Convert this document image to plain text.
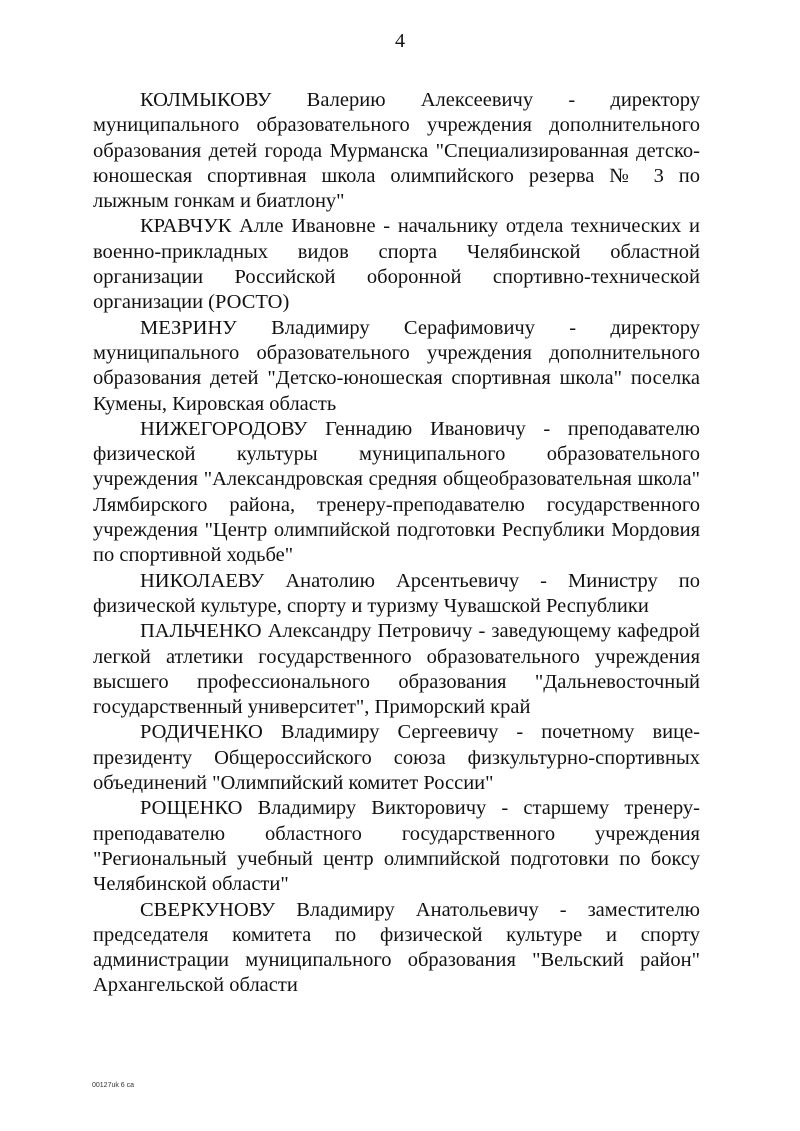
4

КОЛМЫКОВУ Валерию Алексеевичу - директору муниципального образовательного учреждения дополнительного образования детей города Мурманска "Специализированная детско-юношеская спортивная школа олимпийского резерва № 3 по лыжным гонкам и биатлону"

КРАВЧУК Алле Ивановне - начальнику отдела технических и военно-прикладных видов спорта Челябинской областной организации Российской оборонной спортивно-технической организации (РОСТО)

МЕЗРИНУ Владимиру Серафимовичу - директору муниципального образовательного учреждения дополнительного образования детей "Детско-юношеская спортивная школа" поселка Кумены, Кировская область

НИЖЕГОРОДОВУ Геннадию Ивановичу - преподавателю физической культуры муниципального образовательного учреждения "Александровская средняя общеобразовательная школа" Лямбирского района, тренеру-преподавателю государственного учреждения "Центр олимпийской подготовки Республики Мордовия по спортивной ходьбе"

НИКОЛАЕВУ Анатолию Арсентьевичу - Министру по физической культуре, спорту и туризму Чувашской Республики

ПАЛЬЧЕНКО Александру Петровичу - заведующему кафедрой легкой атлетики государственного образовательного учреждения высшего профессионального образования "Дальневосточный государственный университет", Приморский край

РОДИЧЕНКО Владимиру Сергеевичу - почетному вице-президенту Общероссийского союза физкультурно-спортивных объединений "Олимпийский комитет России"

РОЩЕНКО Владимиру Викторовичу - старшему тренеру-преподавателю областного государственного учреждения "Региональный учебный центр олимпийской подготовки по боксу Челябинской области"

СВЕРКУНОВУ Владимиру Анатольевичу - заместителю председателя комитета по физической культуре и спорту администрации муниципального образования "Вельский район" Архангельской области

00127uk 6 ca
